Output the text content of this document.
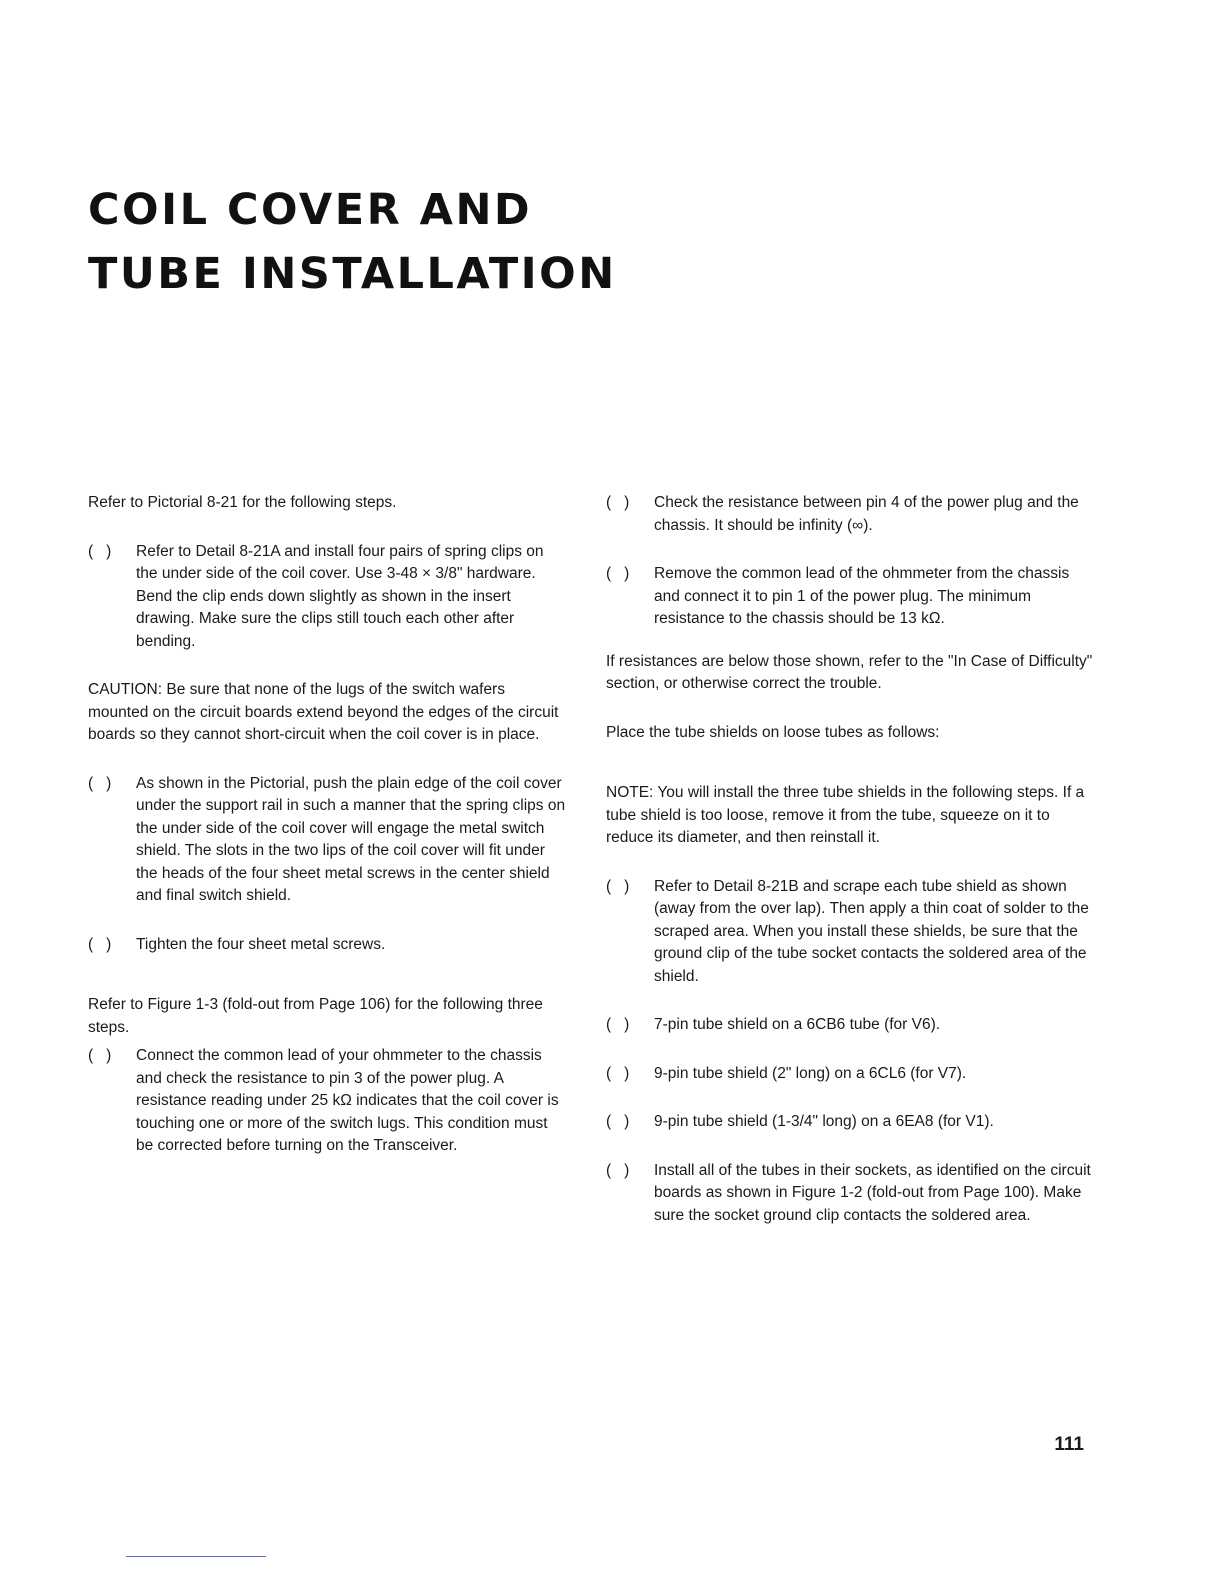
COIL COVER AND
TUBE INSTALLATION

Refer to Pictorial 8-21 for the following steps.

(   )	Refer to Detail 8-21A and install four pairs of spring clips on the under side of the coil cover. Use 3-48 × 3/8" hardware. Bend the clip ends down slightly as shown in the insert drawing. Make sure the clips still touch each other after bending.

CAUTION: Be sure that none of the lugs of the switch wafers mounted on the circuit boards extend beyond the edges of the circuit boards so they cannot short-circuit when the coil cover is in place.

(   )	As shown in the Pictorial, push the plain edge of the coil cover under the support rail in such a manner that the spring clips on the under side of the coil cover will engage the metal switch shield. The slots in the two lips of the coil cover will fit under the heads of the four sheet metal screws in the center shield and final switch shield.
(   )	Tighten the four sheet metal screws.

Refer to Figure 1-3 (fold-out from Page 106) for the following three steps.

(   )	Connect the common lead of your ohmmeter to the chassis and check the resistance to pin 3 of the power plug. A resistance reading under 25 kΩ indicates that the coil cover is touching one or more of the switch lugs. This condition must be corrected before turning on the Transceiver.
(   )	Check the resistance between pin 4 of the power plug and the chassis. It should be infinity (∞).
(   )	Remove the common lead of the ohmmeter from the chassis and connect it to pin 1 of the power plug. The minimum resistance to the chassis should be 13 kΩ.

If resistances are below those shown, refer to the "In Case of Difficulty" section, or otherwise correct the trouble.

Place the tube shields on loose tubes as follows:

NOTE: You will install the three tube shields in the following steps. If a tube shield is too loose, remove it from the tube, squeeze on it to reduce its diameter, and then reinstall it.

(   )	Refer to Detail 8-21B and scrape each tube shield as shown (away from the over lap). Then apply a thin coat of solder to the scraped area. When you install these shields, be sure that the ground clip of the tube socket contacts the soldered area of the shield.
(   )	7-pin tube shield on a 6CB6 tube (for V6).
(   )	9-pin tube shield (2" long) on a 6CL6 (for V7).
(   )	9-pin tube shield (1-3/4" long) on a 6EA8 (for V1).
(   )	Install all of the tubes in their sockets, as identified on the circuit boards as shown in Figure 1-2 (fold-out from Page 100). Make sure the socket ground clip contacts the soldered area.
111
